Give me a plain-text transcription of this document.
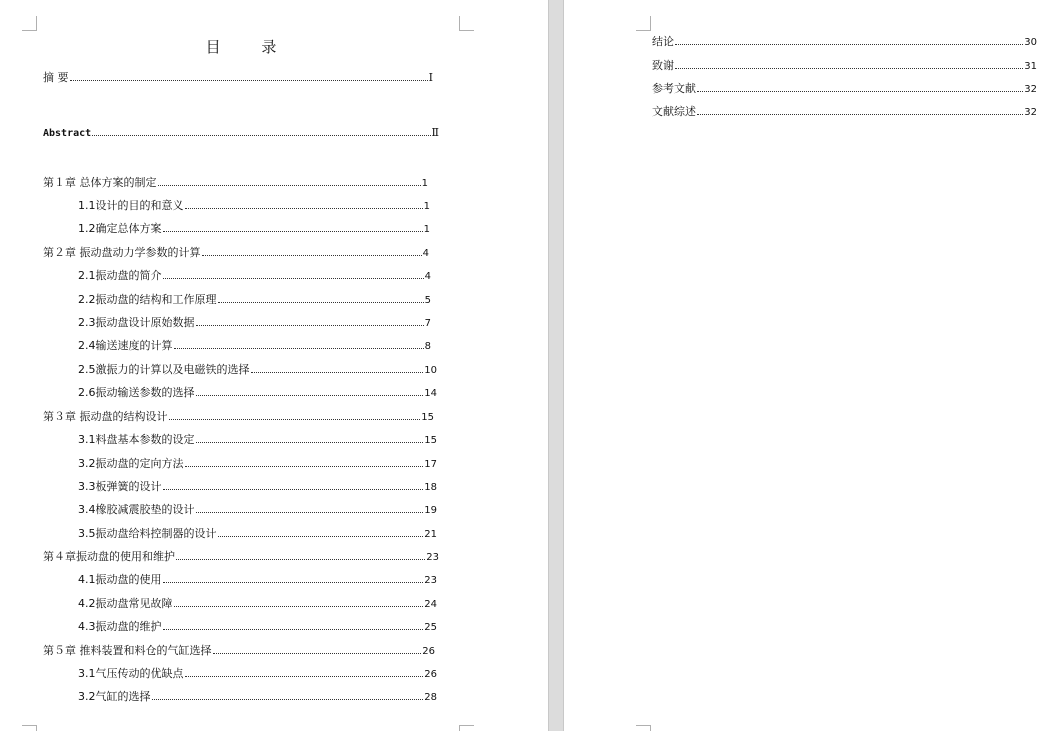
目 录
摘 要	Ⅰ
Abstract	Ⅱ
第１章 总体方案的制定	1
1.1设计的目的和意义	1
1.2确定总体方案	1
第２章 振动盘动力学参数的计算	4
2.1振动盘的简介	4
2.2振动盘的结构和工作原理	5
2.3振动盘设计原始数据	7
2.4输送速度的计算	8
2.5激振力的计算以及电磁铁的选择	10
2.6振动输送参数的选择	14
第３章 振动盘的结构设计	15
3.1料盘基本参数的设定	15
3.2振动盘的定向方法	17
3.3板弹簧的设计	18
3.4橡胶减震胶垫的设计	19
3.5振动盘给料控制器的设计	21
第４章振动盘的使用和维护	23
4.1振动盘的使用	23
4.2振动盘常见故障	24
4.3振动盘的维护	25
第５章 推料装置和料仓的气缸选择	26
3.1气压传动的优缺点	26
3.2气缸的选择	28
结论	30
致谢	31
参考文献	32
文献综述	32
